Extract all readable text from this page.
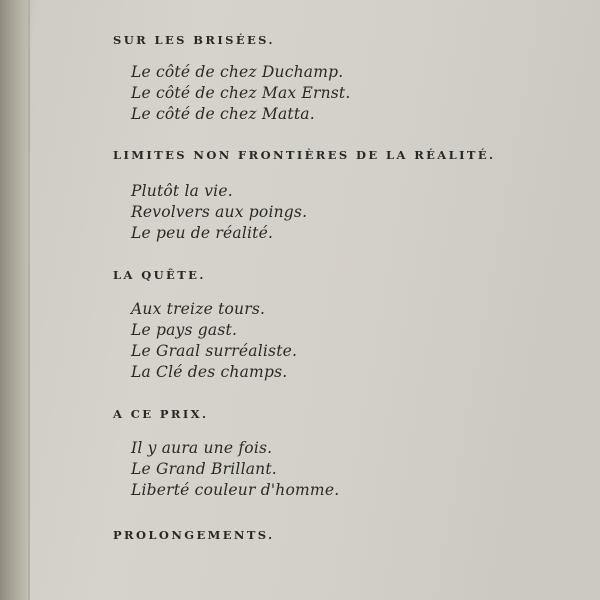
SUR LES BRISÉES.
Le côté de chez Duchamp.
Le côté de chez Max Ernst.
Le côté de chez Matta.
LIMITES NON FRONTIÈRES DE LA RÉALITÉ.
Plutôt la vie.
Revolvers aux poings.
Le peu de réalité.
LA QUÊTE.
Aux treize tours.
Le pays gast.
Le Graal surréaliste.
La Clé des champs.
A CE PRIX.
Il y aura une fois.
Le Grand Brillant.
Liberté couleur d'homme.
PROLONGEMENTS.
